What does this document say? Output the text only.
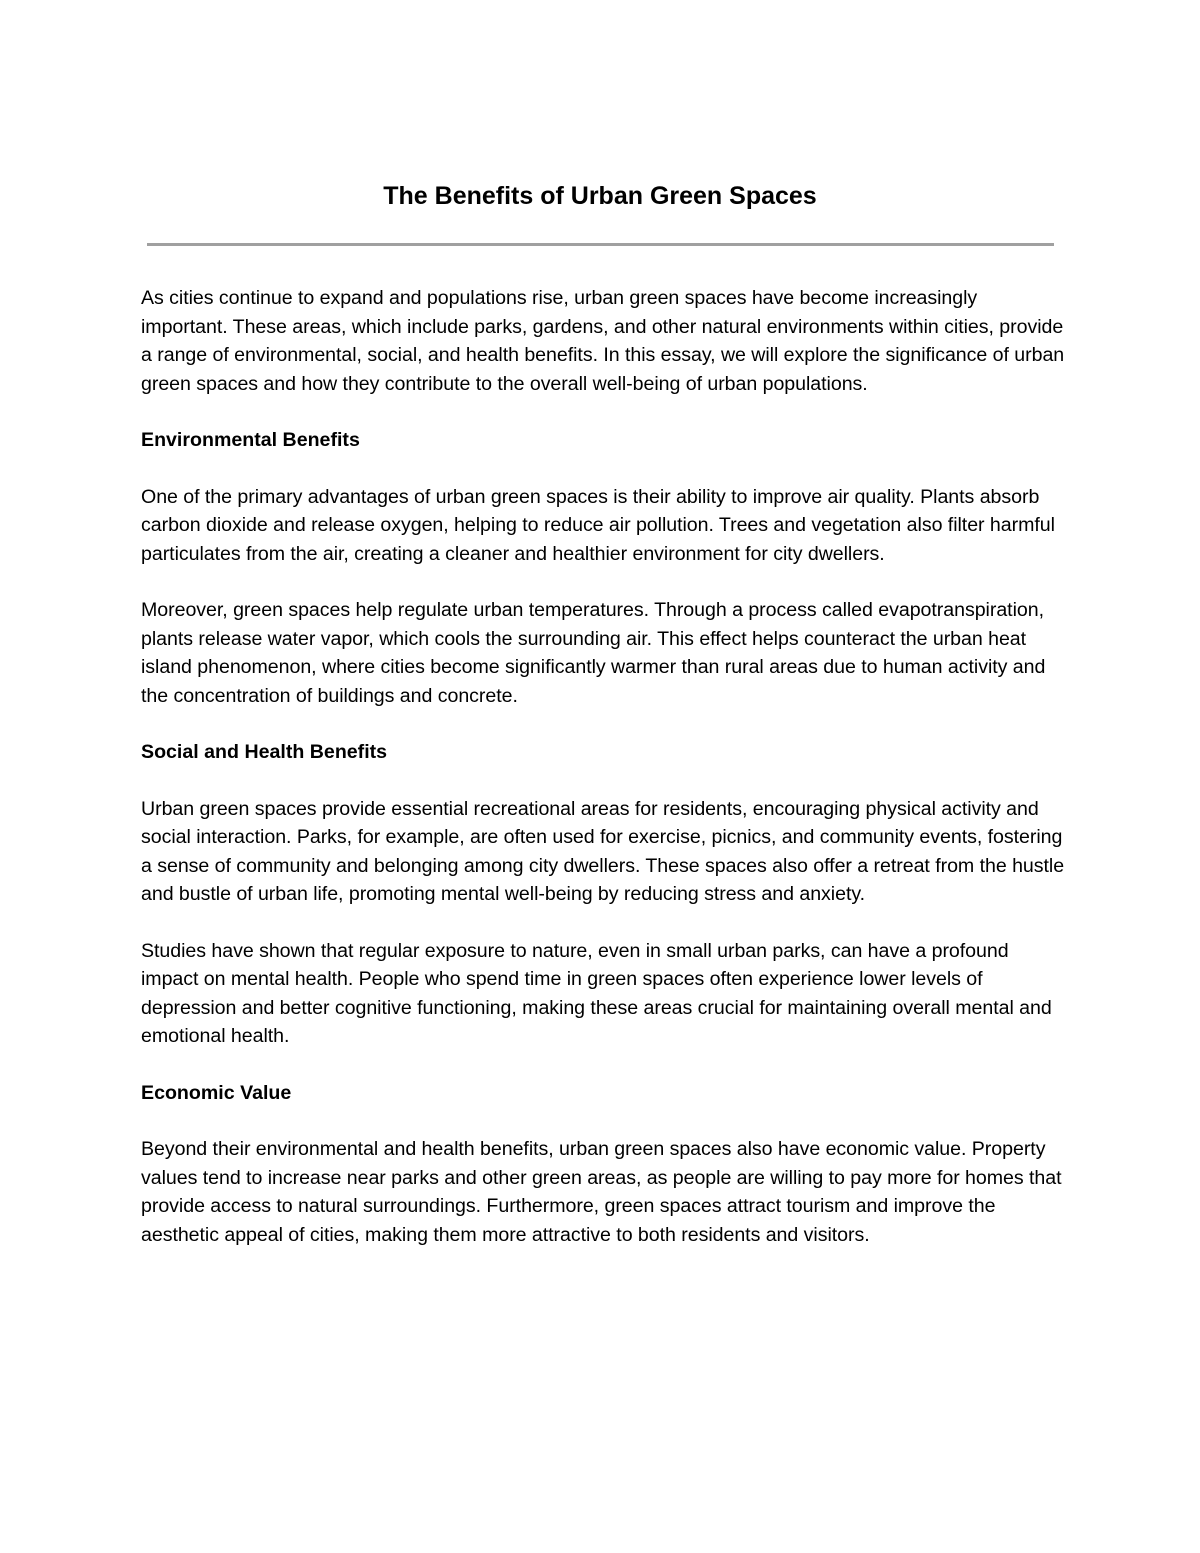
The Benefits of Urban Green Spaces

As cities continue to expand and populations rise, urban green spaces have become increasingly important. These areas, which include parks, gardens, and other natural environments within cities, provide a range of environmental, social, and health benefits. In this essay, we will explore the significance of urban green spaces and how they contribute to the overall well-being of urban populations.

Environmental Benefits

One of the primary advantages of urban green spaces is their ability to improve air quality. Plants absorb carbon dioxide and release oxygen, helping to reduce air pollution. Trees and vegetation also filter harmful particulates from the air, creating a cleaner and healthier environment for city dwellers.

Moreover, green spaces help regulate urban temperatures. Through a process called evapotranspiration, plants release water vapor, which cools the surrounding air. This effect helps counteract the urban heat island phenomenon, where cities become significantly warmer than rural areas due to human activity and the concentration of buildings and concrete.

Social and Health Benefits

Urban green spaces provide essential recreational areas for residents, encouraging physical activity and social interaction. Parks, for example, are often used for exercise, picnics, and community events, fostering a sense of community and belonging among city dwellers. These spaces also offer a retreat from the hustle and bustle of urban life, promoting mental well-being by reducing stress and anxiety.

Studies have shown that regular exposure to nature, even in small urban parks, can have a profound impact on mental health. People who spend time in green spaces often experience lower levels of depression and better cognitive functioning, making these areas crucial for maintaining overall mental and emotional health.

Economic Value

Beyond their environmental and health benefits, urban green spaces also have economic value. Property values tend to increase near parks and other green areas, as people are willing to pay more for homes that provide access to natural surroundings. Furthermore, green spaces attract tourism and improve the aesthetic appeal of cities, making them more attractive to both residents and visitors.
